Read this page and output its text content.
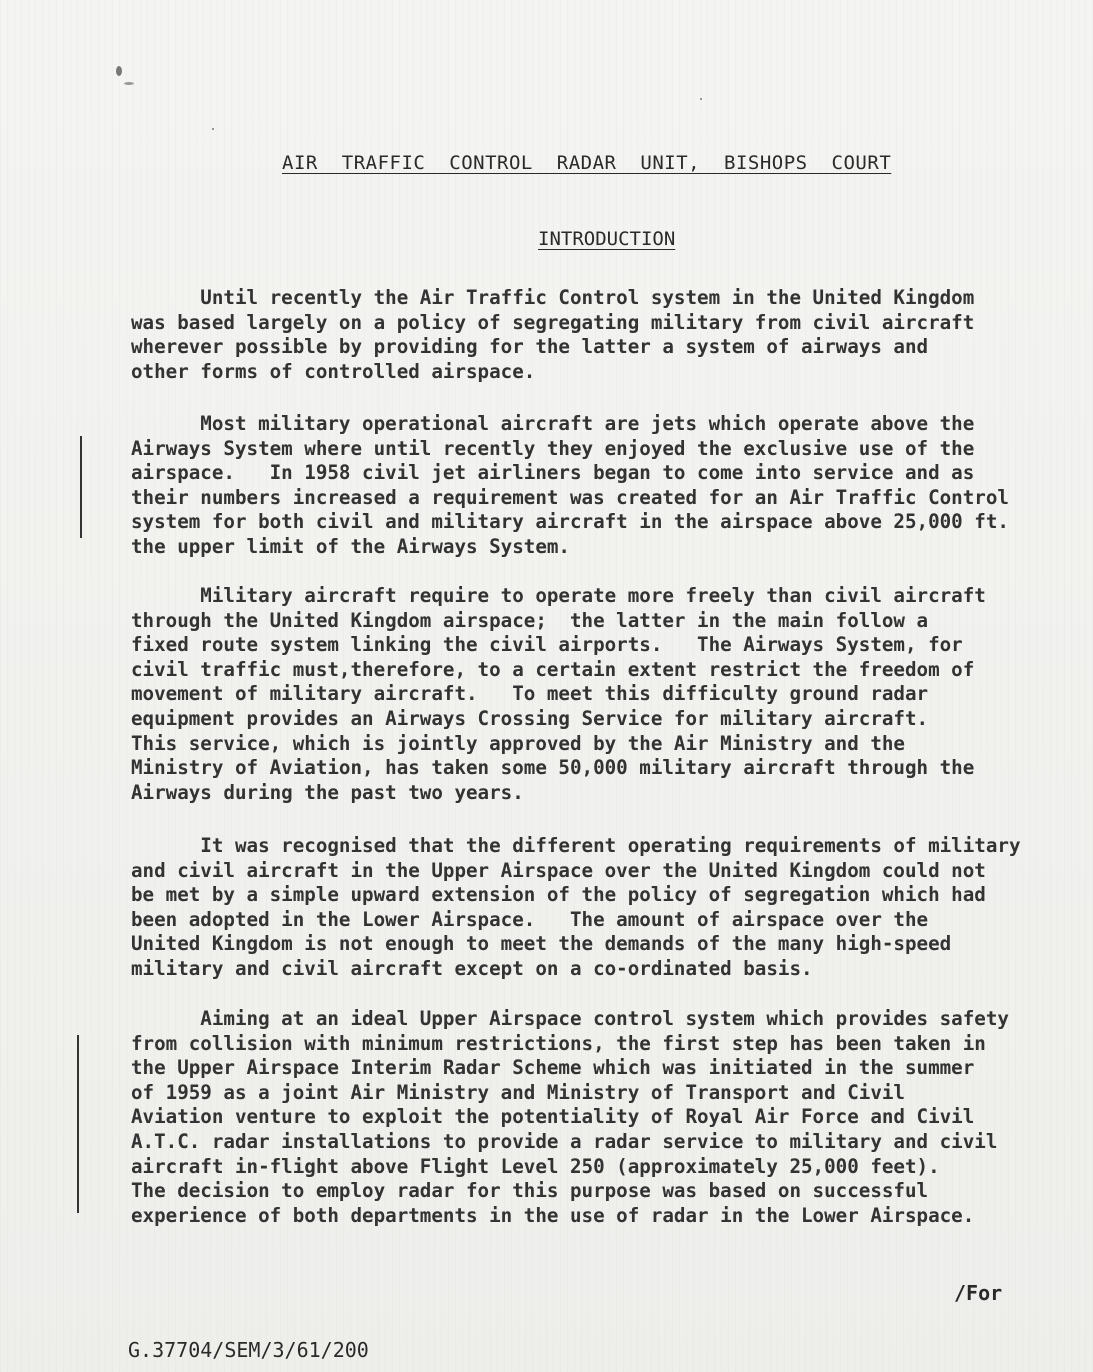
AIR TRAFFIC CONTROL RADAR UNIT, BISHOPS COURT
INTRODUCTION
Until recently the Air Traffic Control system in the United Kingdom
was based largely on a policy of segregating military from civil aircraft
wherever possible by providing for the latter a system of airways and
other forms of controlled airspace.
Most military operational aircraft are jets which operate above the
Airways System where until recently they enjoyed the exclusive use of the
airspace.   In 1958 civil jet airliners began to come into service and as
their numbers increased a requirement was created for an Air Traffic Control
system for both civil and military aircraft in the airspace above 25,000 ft.
the upper limit of the Airways System.
Military aircraft require to operate more freely than civil aircraft
through the United Kingdom airspace;  the latter in the main follow a
fixed route system linking the civil airports.   The Airways System, for
civil traffic must,therefore, to a certain extent restrict the freedom of
movement of military aircraft.   To meet this difficulty ground radar
equipment provides an Airways Crossing Service for military aircraft.
This service, which is jointly approved by the Air Ministry and the
Ministry of Aviation, has taken some 50,000 military aircraft through the
Airways during the past two years.
It was recognised that the different operating requirements of military
and civil aircraft in the Upper Airspace over the United Kingdom could not
be met by a simple upward extension of the policy of segregation which had
been adopted in the Lower Airspace.   The amount of airspace over the
United Kingdom is not enough to meet the demands of the many high-speed
military and civil aircraft except on a co-ordinated basis.
Aiming at an ideal Upper Airspace control system which provides safety
from collision with minimum restrictions, the first step has been taken in
the Upper Airspace Interim Radar Scheme which was initiated in the summer
of 1959 as a joint Air Ministry and Ministry of Transport and Civil
Aviation venture to exploit the potentiality of Royal Air Force and Civil
A.T.C. radar installations to provide a radar service to military and civil
aircraft in-flight above Flight Level 250 (approximately 25,000 feet).
The decision to employ radar for this purpose was based on successful
experience of both departments in the use of radar in the Lower Airspace.
/For
G.37704/SEM/3/61/200
